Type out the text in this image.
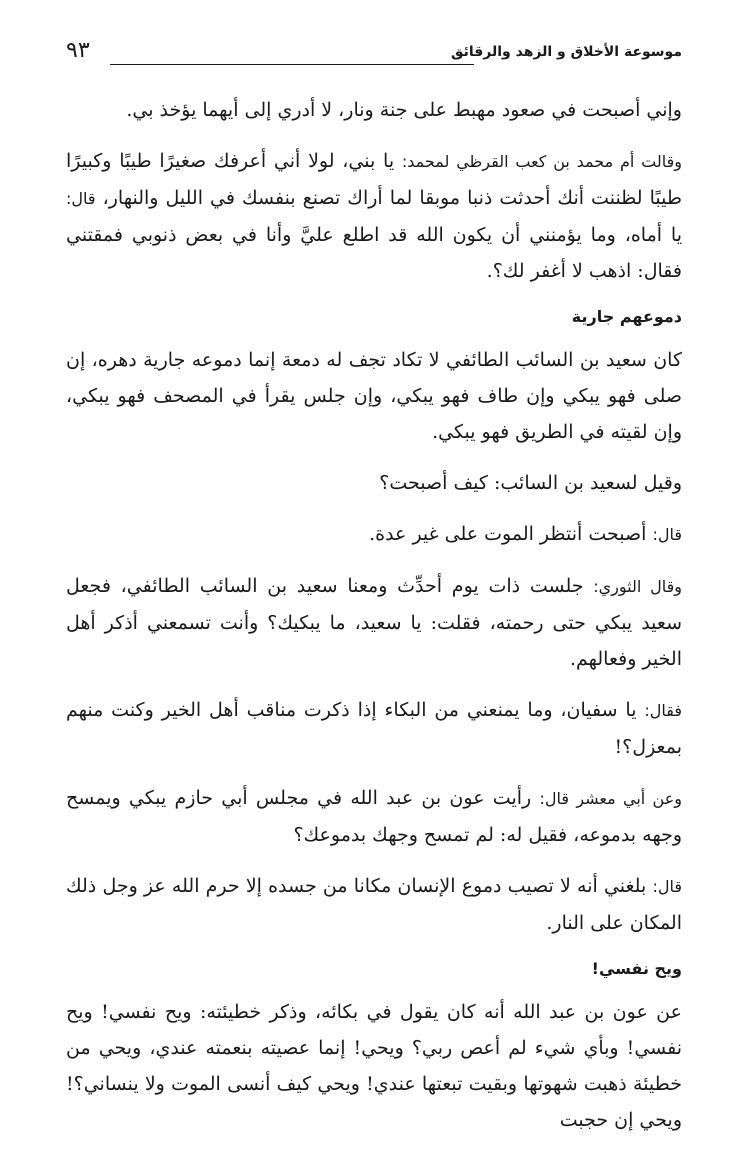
موسوعة الأخلاق و الزهد والرقائق
٩٣

وإني أصبحت في صعود مهبط على جنة ونار، لا أدري إلى أيهما يؤخذ بي.

وقالت أم محمد بن كعب القرظي لمحمد: يا بني، لولا أني أعرفك صغيرًا طيبًا وكبيرًا طيبًا لظننت أنك أحدثت ذنبا موبقا لما أراك تصنع بنفسك في الليل والنهار، قال: يا أماه، وما يؤمنني أن يكون الله قد اطلع عليَّ وأنا في بعض ذنوبي فمقتني فقال: اذهب لا أغفر لك؟.

دموعهم جارية

كان سعيد بن السائب الطائفي لا تكاد تجف له دمعة إنما دموعه جارية دهره، إن صلى فهو يبكي وإن طاف فهو يبكي، وإن جلس يقرأ في المصحف فهو يبكي، وإن لقيته في الطريق فهو يبكي.

وقيل لسعيد بن السائب: كيف أصبحت؟

قال: أصبحت أنتظر الموت على غير عدة.

وقال الثوري: جلست ذات يوم أحدِّث ومعنا سعيد بن السائب الطائفي، فجعل سعيد يبكي حتى رحمته، فقلت: يا سعيد، ما يبكيك؟ وأنت تسمعني أذكر أهل الخير وفعالهم.

فقال: يا سفيان، وما يمنعني من البكاء إذا ذكرت مناقب أهل الخير وكنت منهم بمعزل؟!

وعن أبي معشر قال: رأيت عون بن عبد الله في مجلس أبي حازم يبكي ويمسح وجهه بدموعه، فقيل له: لم تمسح وجهك بدموعك؟

قال: بلغني أنه لا تصيب دموع الإنسان مكانا من جسده إلا حرم الله عز وجل ذلك المكان على النار.

ويح نفسي!

عن عون بن عبد الله أنه كان يقول في بكائه، وذكر خطيئته: ويح نفسي! ويح نفسي! وبأي شيء لم أعص ربي؟ ويحي! إنما عصيته بنعمته عندي، ويحي من خطيئة ذهبت شهوتها وبقيت تبعتها عندي! ويحي كيف أنسى الموت ولا ينساني؟! ويحي إن حجبت
